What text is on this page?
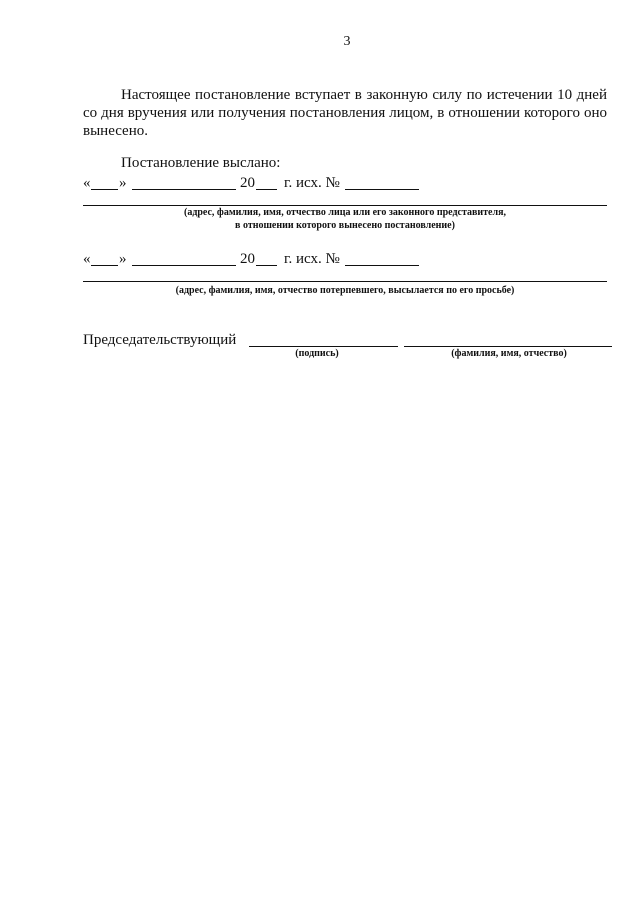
3
Настоящее постановление вступает в законную силу по истечении 10 дней
со дня вручения или получения постановления лицом, в отношении которого оно
вынесено.
Постановление выслано:
« »	20 г. исх. №
(адрес, фамилия, имя, отчество лица или его законного представителя,
в отношении которого вынесено постановление)
« »	20 г. исх. №
(адрес, фамилия, имя, отчество потерпевшего, высылается по его просьбе)
Председательствующий
(подпись)	(фамилия, имя, отчество)
